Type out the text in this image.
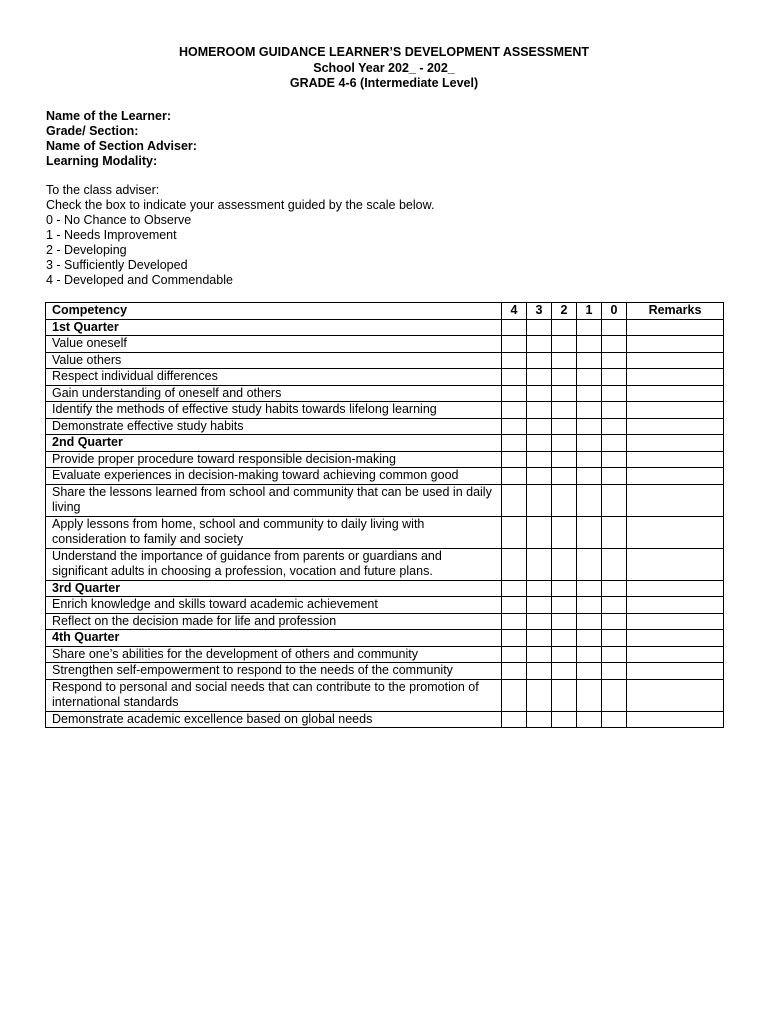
HOMEROOM GUIDANCE LEARNER’S DEVELOPMENT ASSESSMENT
School Year 202_ - 202_
GRADE 4-6 (Intermediate Level)
Name of the Learner:
Grade/ Section:
Name of Section Adviser:
Learning Modality:
To the class adviser:
Check the box to indicate your assessment guided by the scale below.
0 - No Chance to Observe
1 - Needs Improvement
2 - Developing
3 - Sufficiently Developed
4 - Developed and Commendable
Competency	4	3	2	1	0	Remarks
1st Quarter						
Value oneself						
Value others						
Respect individual differences						
Gain understanding of oneself and others						
Identify the methods of effective study habits towards lifelong learning						
Demonstrate effective study habits						
2nd Quarter						
Provide proper procedure toward responsible decision-making						
Evaluate experiences in decision-making toward achieving common good						
Share the lessons learned from school and community that can be used in daily living						
Apply lessons from home, school and community to daily living with consideration to family and society						
Understand the importance of guidance from parents or guardians and significant adults in choosing a profession, vocation and future plans.						
3rd Quarter						
Enrich knowledge and skills toward academic achievement						
Reflect on the decision made for life and profession						
4th Quarter						
Share one’s abilities for the development of others and community						
Strengthen self-empowerment to respond to the needs of the community						
Respond to personal and social needs that can contribute to the promotion of international standards						
Demonstrate academic excellence based on global needs						
